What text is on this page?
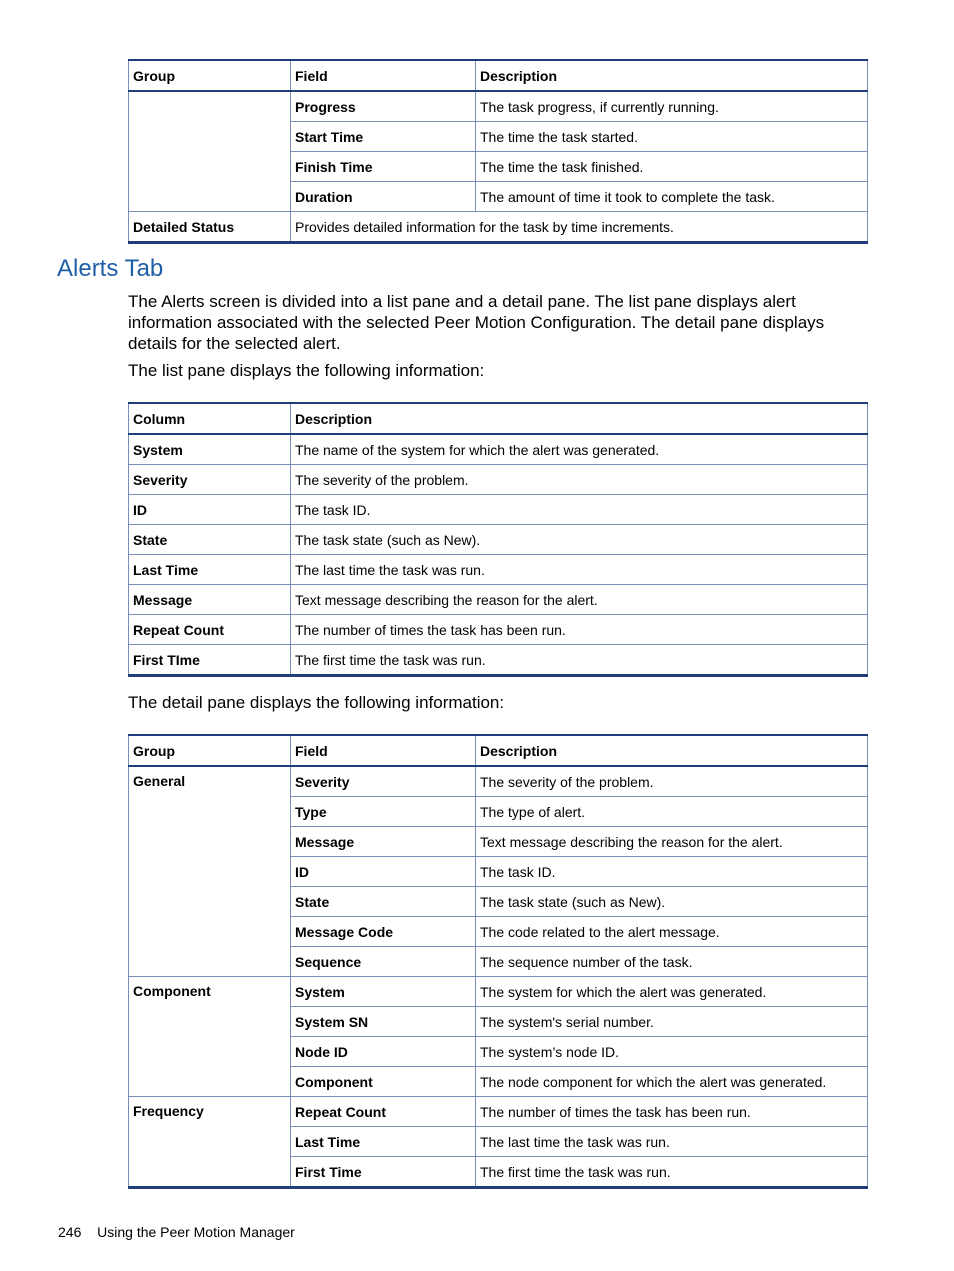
Group	Field	Description
	Progress	The task progress, if currently running.
	Start Time	The time the task started.
	Finish Time	The time the task finished.
	Duration	The amount of time it took to complete the task.
Detailed Status	Provides detailed information for the task by time increments.	
Alerts Tab

The Alerts screen is divided into a list pane and a detail pane. The list pane displays alert information associated with the selected Peer Motion Configuration. The detail pane displays details for the selected alert.

The list pane displays the following information:

Column	Description
System	The name of the system for which the alert was generated.
Severity	The severity of the problem.
ID	The task ID.
State	The task state (such as New).
Last Time	The last time the task was run.
Message	Text message describing the reason for the alert.
Repeat Count	The number of times the task has been run.
First TIme	The first time the task was run.

The detail pane displays the following information:

Group	Field	Description
General	Severity	The severity of the problem.
	Type	The type of alert.
	Message	Text message describing the reason for the alert.
	ID	The task ID.
	State	The task state (such as New).
	Message Code	The code related to the alert message.
	Sequence	The sequence number of the task.
Component	System	The system for which the alert was generated.
	System SN	The system's serial number.
	Node ID	The system’s node ID.
	Component	The node component for which the alert was generated.
Frequency	Repeat Count	The number of times the task has been run.
	Last Time	The last time the task was run.
	First Time	The first time the task was run.
246 Using the Peer Motion Manager
